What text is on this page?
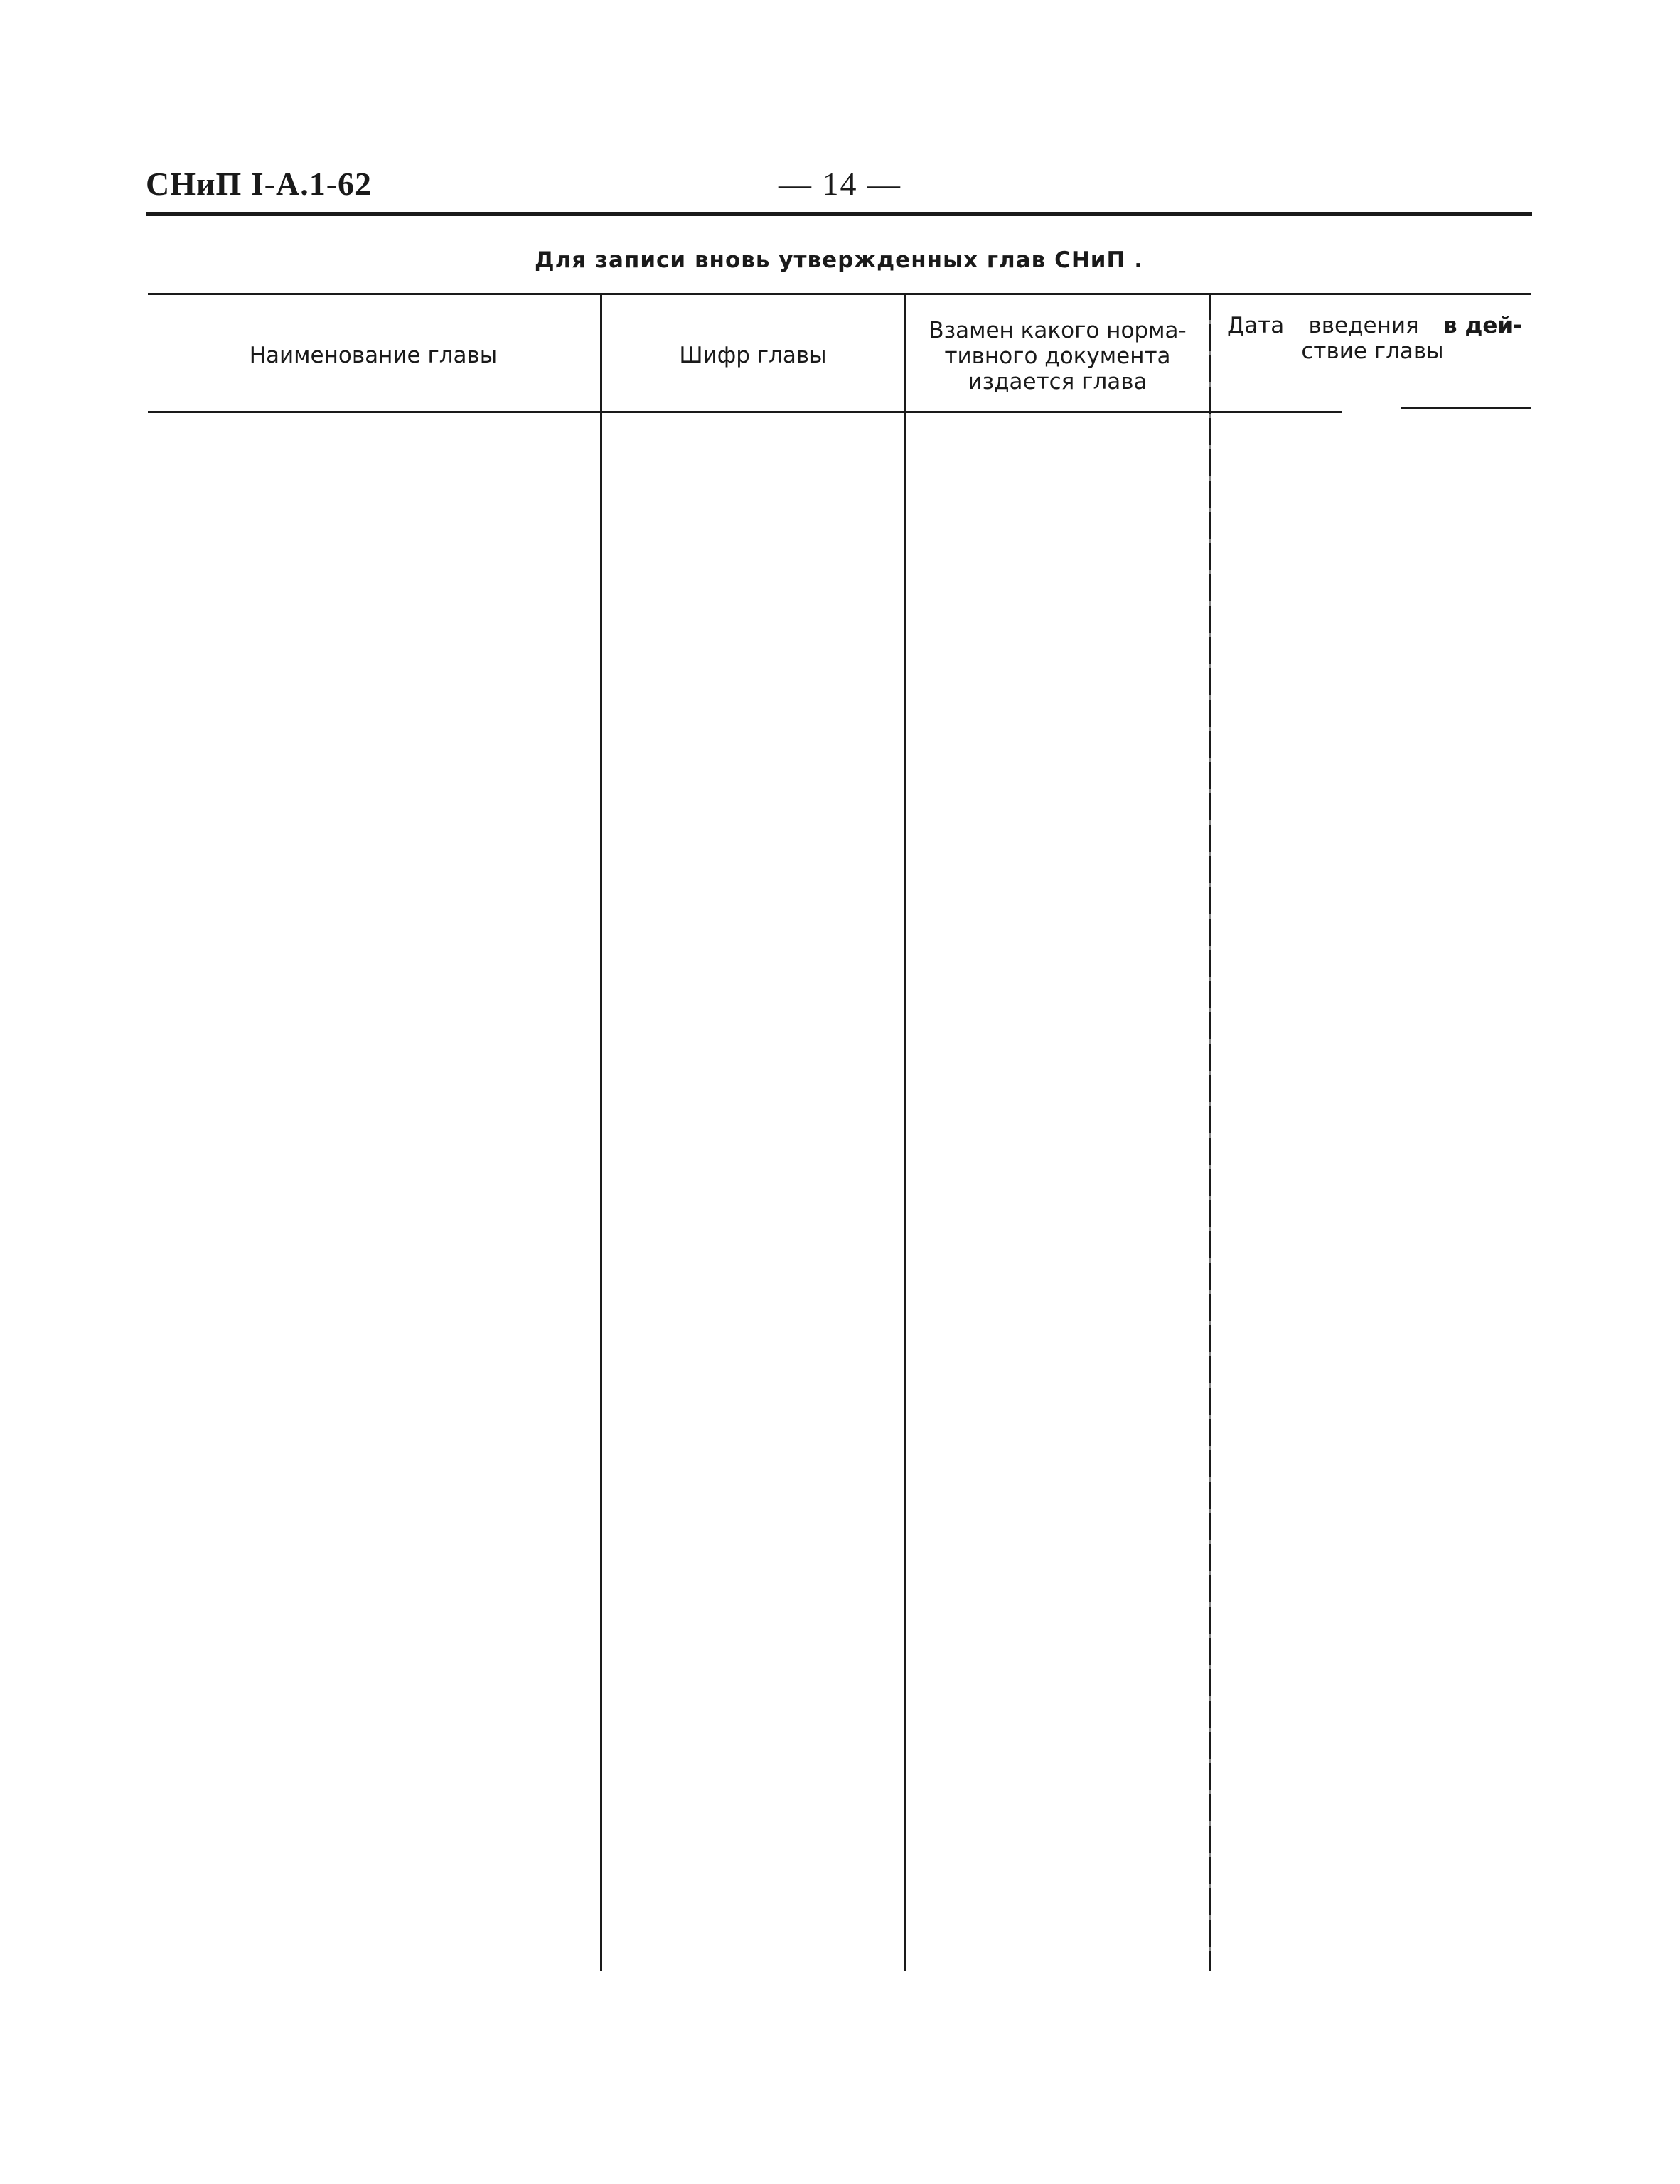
СНиП I-А.1-62	— 14 —
Для записи вновь утвержденных глав СНиП .
Наименование главы	Шифр главы
Взамен какого норма-
тивного документа
издается глава
Дата введения в дей-
ствие главы
